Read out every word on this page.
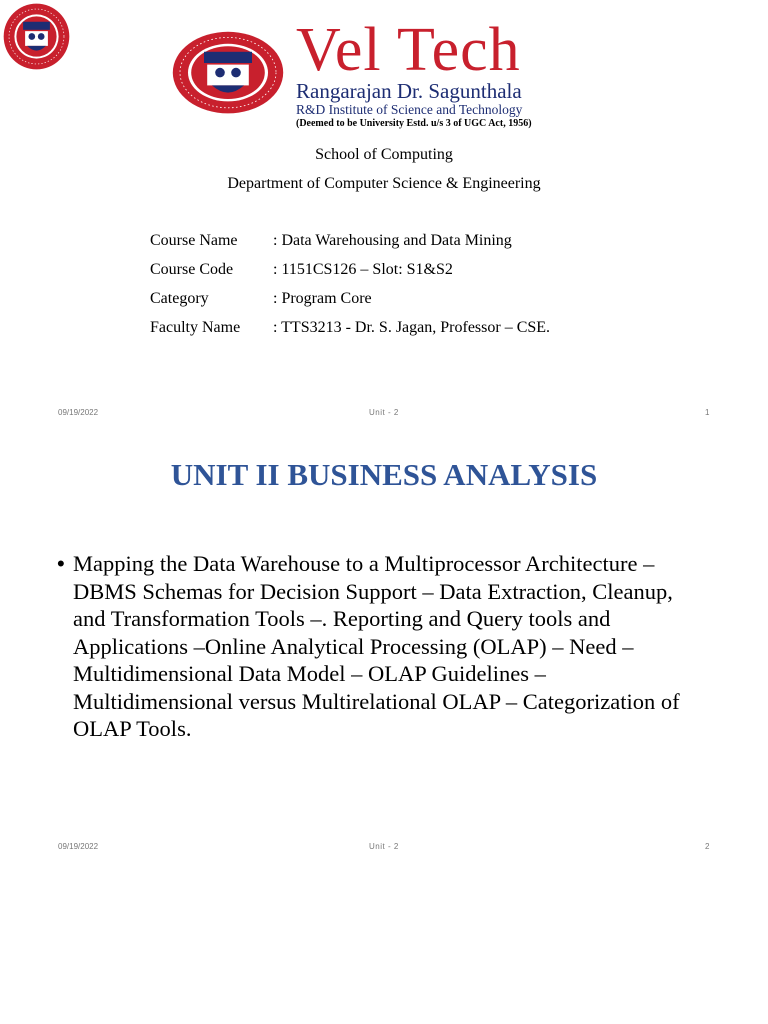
Vel Tech
Rangarajan Dr. Sagunthala
R&D Institute of Science and Technology
(Deemed to be University Estd. u/s 3 of UGC Act, 1956)
School of Computing
Department of Computer Science & Engineering
Course Name	: Data Warehousing and Data Mining
Course Code	: 1151CS126 – Slot: S1&S2
Category	: Program Core
Faculty Name	: TTS3213 - Dr. S. Jagan, Professor – CSE.
09/19/2022	Unit - 2	1
UNIT II BUSINESS ANALYSIS
• Mapping the Data Warehouse to a Multiprocessor Architecture – DBMS Schemas for Decision Support – Data Extraction, Cleanup, and Transformation Tools –. Reporting and Query tools and Applications –Online Analytical Processing (OLAP) – Need – Multidimensional Data Model – OLAP Guidelines – Multidimensional versus Multirelational OLAP – Categorization of OLAP Tools.
09/19/2022	Unit - 2	2
